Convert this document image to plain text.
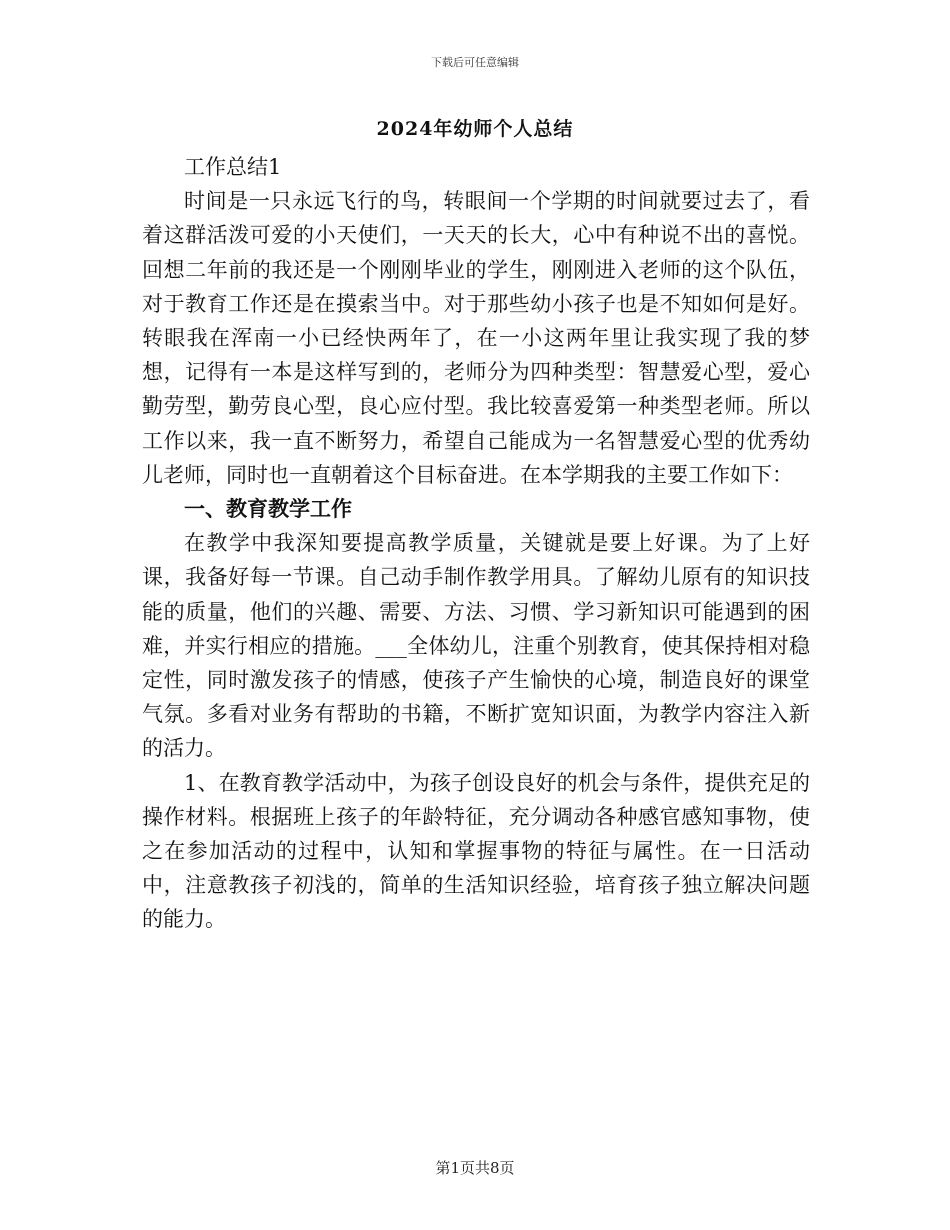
下载后可任意编辑
2024年幼师个人总结

工作总结1

时间是一只永远飞行的鸟，转眼间一个学期的时间就要过去了，看着这群活泼可爱的小天使们，一天天的长大，心中有种说不出的喜悦。回想二年前的我还是一个刚刚毕业的学生，刚刚进入老师的这个队伍，对于教育工作还是在摸索当中。对于那些幼小孩子也是不知如何是好。转眼我在浑南一小已经快两年了，在一小这两年里让我实现了我的梦想，记得有一本是这样写到的，老师分为四种类型：智慧爱心型，爱心勤劳型，勤劳良心型，良心应付型。我比较喜爱第一种类型老师。所以工作以来，我一直不断努力，希望自己能成为一名智慧爱心型的优秀幼儿老师，同时也一直朝着这个目标奋进。在本学期我的主要工作如下：

一、教育教学工作

在教学中我深知要提高教学质量，关键就是要上好课。为了上好课，我备好每一节课。自己动手制作教学用具。了解幼儿原有的知识技能的质量，他们的兴趣、需要、方法、习惯、学习新知识可能遇到的困难，并实行相应的措施。___全体幼儿，注重个别教育，使其保持相对稳定性，同时激发孩子的情感，使孩子产生愉快的心境，制造良好的课堂气氛。多看对业务有帮助的书籍，不断扩宽知识面，为教学内容注入新的活力。

1、在教育教学活动中，为孩子创设良好的机会与条件，提供充足的操作材料。根据班上孩子的年龄特征，充分调动各种感官感知事物，使之在参加活动的过程中，认知和掌握事物的特征与属性。在一日活动中，注意教孩子初浅的，简单的生活知识经验，培育孩子独立解决问题的能力。

第1页共8页
